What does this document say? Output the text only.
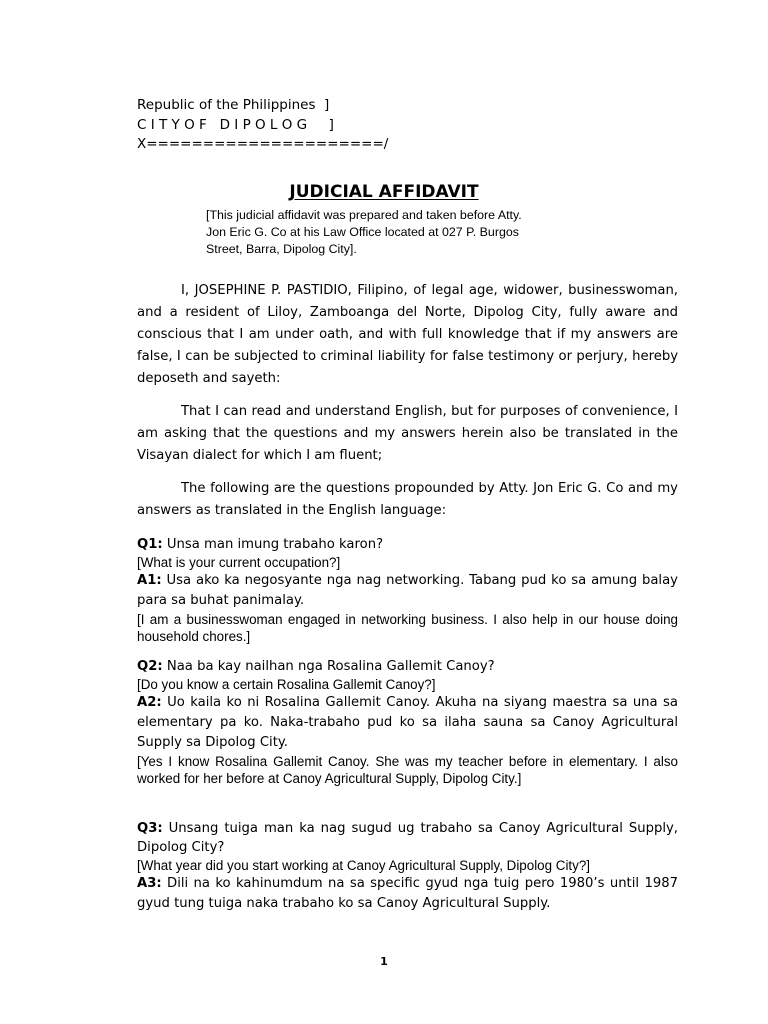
Republic of the Philippines  ]
C I T Y O F   D I P O L O G     ]
X=====================/
JUDICIAL AFFIDAVIT
[This judicial affidavit was prepared and taken before Atty.
Jon Eric G. Co at his Law Office located at 027 P. Burgos
Street, Barra, Dipolog City].
I, JOSEPHINE P. PASTIDIO, Filipino, of legal age, widower, businesswoman, and a resident of Liloy, Zamboanga del Norte, Dipolog City, fully aware and conscious that I am under oath, and with full knowledge that if my answers are false, I can be subjected to criminal liability for false testimony or perjury, hereby deposeth and sayeth:
That I can read and understand English, but for purposes of convenience, I am asking that the questions and my answers herein also be translated in the Visayan dialect for which I am fluent;
The following are the questions propounded by Atty. Jon Eric G. Co and my answers as translated in the English language:
Q1: Unsa man imung trabaho karon?
[What is your current occupation?]
A1: Usa ako ka negosyante nga nag networking. Tabang pud ko sa amung balay para sa buhat panimalay.
[I am a businesswoman engaged in networking business. I also help in our house doing household chores.]
Q2: Naa ba kay nailhan nga Rosalina Gallemit Canoy?
[Do you know a certain Rosalina Gallemit Canoy?]
A2: Uo kaila ko ni Rosalina Gallemit Canoy. Akuha na siyang maestra sa una sa elementary pa ko. Naka-trabaho pud ko sa ilaha sauna sa Canoy Agricultural Supply sa Dipolog City.
[Yes I know Rosalina Gallemit Canoy. She was my teacher before in elementary. I also worked for her before at Canoy Agricultural Supply, Dipolog City.]
Q3: Unsang tuiga man ka nag sugud ug trabaho sa Canoy Agricultural Supply, Dipolog City?
[What year did you start working at Canoy Agricultural Supply, Dipolog City?]
A3: Dili na ko kahinumdum na sa specific gyud nga tuig pero 1980’s until 1987 gyud tung tuiga naka trabaho ko sa Canoy Agricultural Supply.
1
